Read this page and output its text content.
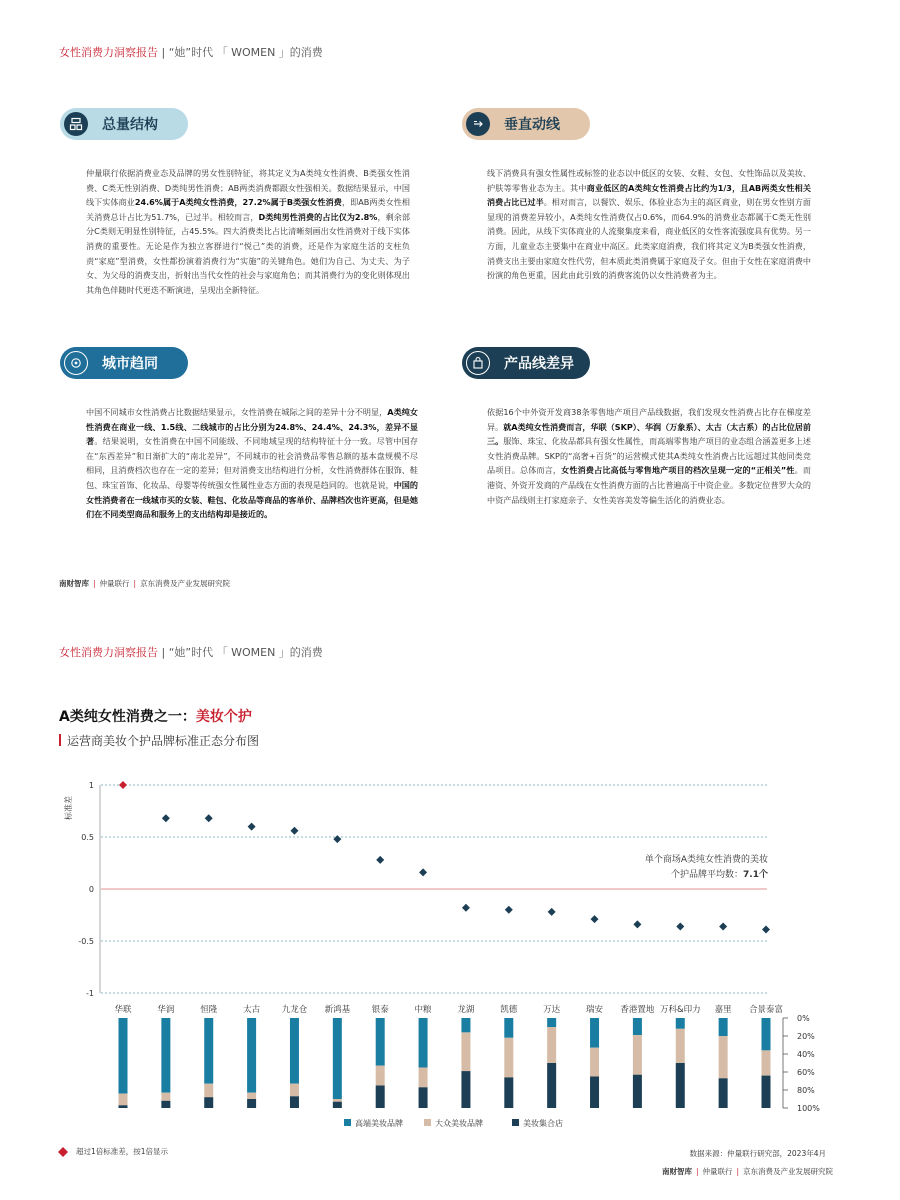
女性消费力洞察报告 | “她”时代 「 WOMEN 」的消费
总量结构
仲量联行依据消费业态及品牌的男女性别特征，将其定义为A类纯女性消费、B类强女性消费、C类无性别消费、D类纯男性消费；AB两类消费都跟女性强相关。数据结果显示，中国线下实体商业24.6%属于A类纯女性消费，27.2%属于B类强女性消费，即AB两类女性相关消费总计占比为51.7%，已过半。相较而言，D类纯男性消费的占比仅为2.8%，剩余部分C类则无明显性别特征，占45.5%。四大消费类比占比清晰刻画出女性消费对于线下实体消费的重要性。无论是作为独立客群进行“悦己”类的消费，还是作为家庭生活的支柱负责“家庭”型消费，女性都扮演着消费行为“实施”的关键角色。她们为自己、为丈夫、为子女、为父母的消费支出，折射出当代女性的社会与家庭角色；而其消费行为的变化则体现出其角色伴随时代更迭不断演进，呈现出全新特征。
垂直动线
线下消费具有强女性属性或标签的业态以中低区的女装、女鞋、女包、女性饰品以及美妆、护肤等零售业态为主。其中商业低区的A类纯女性消费占比约为1/3，且AB两类女性相关消费占比已过半。相对而言，以餐饮、娱乐、体验业态为主的高区商业，则在男女性别方面显现的消费差异较小，A类纯女性消费仅占0.6%，而64.9%的消费业态都属于C类无性别消费。因此，从线下实体商业的人流聚集度来看，商业低区的女性客流强度具有优势。另一方面，儿童业态主要集中在商业中高区。此类家庭消费，我们将其定义为B类强女性消费，消费支出主要由家庭女性代劳，但本质此类消费属于家庭及子女。但由于女性在家庭消费中扮演的角色更重，因此由此引致的消费客流仍以女性消费者为主。
城市趋同
中国不同城市女性消费占比数据结果显示，女性消费在城际之间的差异十分不明显，A类纯女性消费在商业一线、1.5线、二线城市的占比分别为24.8%、24.4%、24.3%，差异不显著。结果说明，女性消费在中国不同能级、不同地域呈现的结构特征十分一致。尽管中国存在“东西差异”和日渐扩大的“南北差异”，不同城市的社会消费品零售总额的基本盘规模不尽相同，且消费档次也存在一定的差异；但对消费支出结构进行分析，女性消费群体在服饰、鞋包、珠宝首饰、化妆品、母婴等传统强女性属性业态方面的表现是趋同的。也就是说，中国的女性消费者在一线城市买的女装、鞋包、化妆品等商品的客单价、品牌档次也许更高，但是她们在不同类型商品和服务上的支出结构却是接近的。
产品线差异
依据16个中外资开发商38条零售地产项目产品线数据，我们发现女性消费占比存在梯度差异。就A类纯女性消费而言，华联（SKP）、华润（万象系）、太古（太古系）的占比位居前三。服饰、珠宝、化妆品都具有强女性属性，而高端零售地产项目的业态组合涵盖更多上述女性消费品牌。SKP的“高奢+百货”的运营模式使其A类纯女性消费占比远超过其他同类竞品项目。总体而言，女性消费占比高低与零售地产项目的档次呈现一定的“正相关”性。而港资、外资开发商的产品线在女性消费方面的占比普遍高于中资企业。多数定位普罗大众的中资产品线则主打家庭亲子、女性美容美发等偏生活化的消费业态。
南财智库 | 仲量联行 | 京东消费及产业发展研究院
女性消费力洞察报告 | “她”时代 「 WOMEN 」的消费
A类纯女性消费之一：美妆个护
运营商美妆个护品牌标准正态分布图
1
0.5
0
-0.5
-1
标准差
华联	华润	恒隆	太古	九龙仓 新鸿基	银泰	中粮	龙湖	凯德	万达	瑞安 香港置地 万科&印力 嘉里 合景泰富
0%
20%
40%
60%
80%
100%
高端美妆品牌	大众美妆品牌	美妆集合店
单个商场A类纯女性消费的美妆
个护品牌平均数：7.1个
超过1倍标准差，按1倍显示	数据来源：仲量联行研究部，2023年4月
南财智库 | 仲量联行 | 京东消费及产业发展研究院
